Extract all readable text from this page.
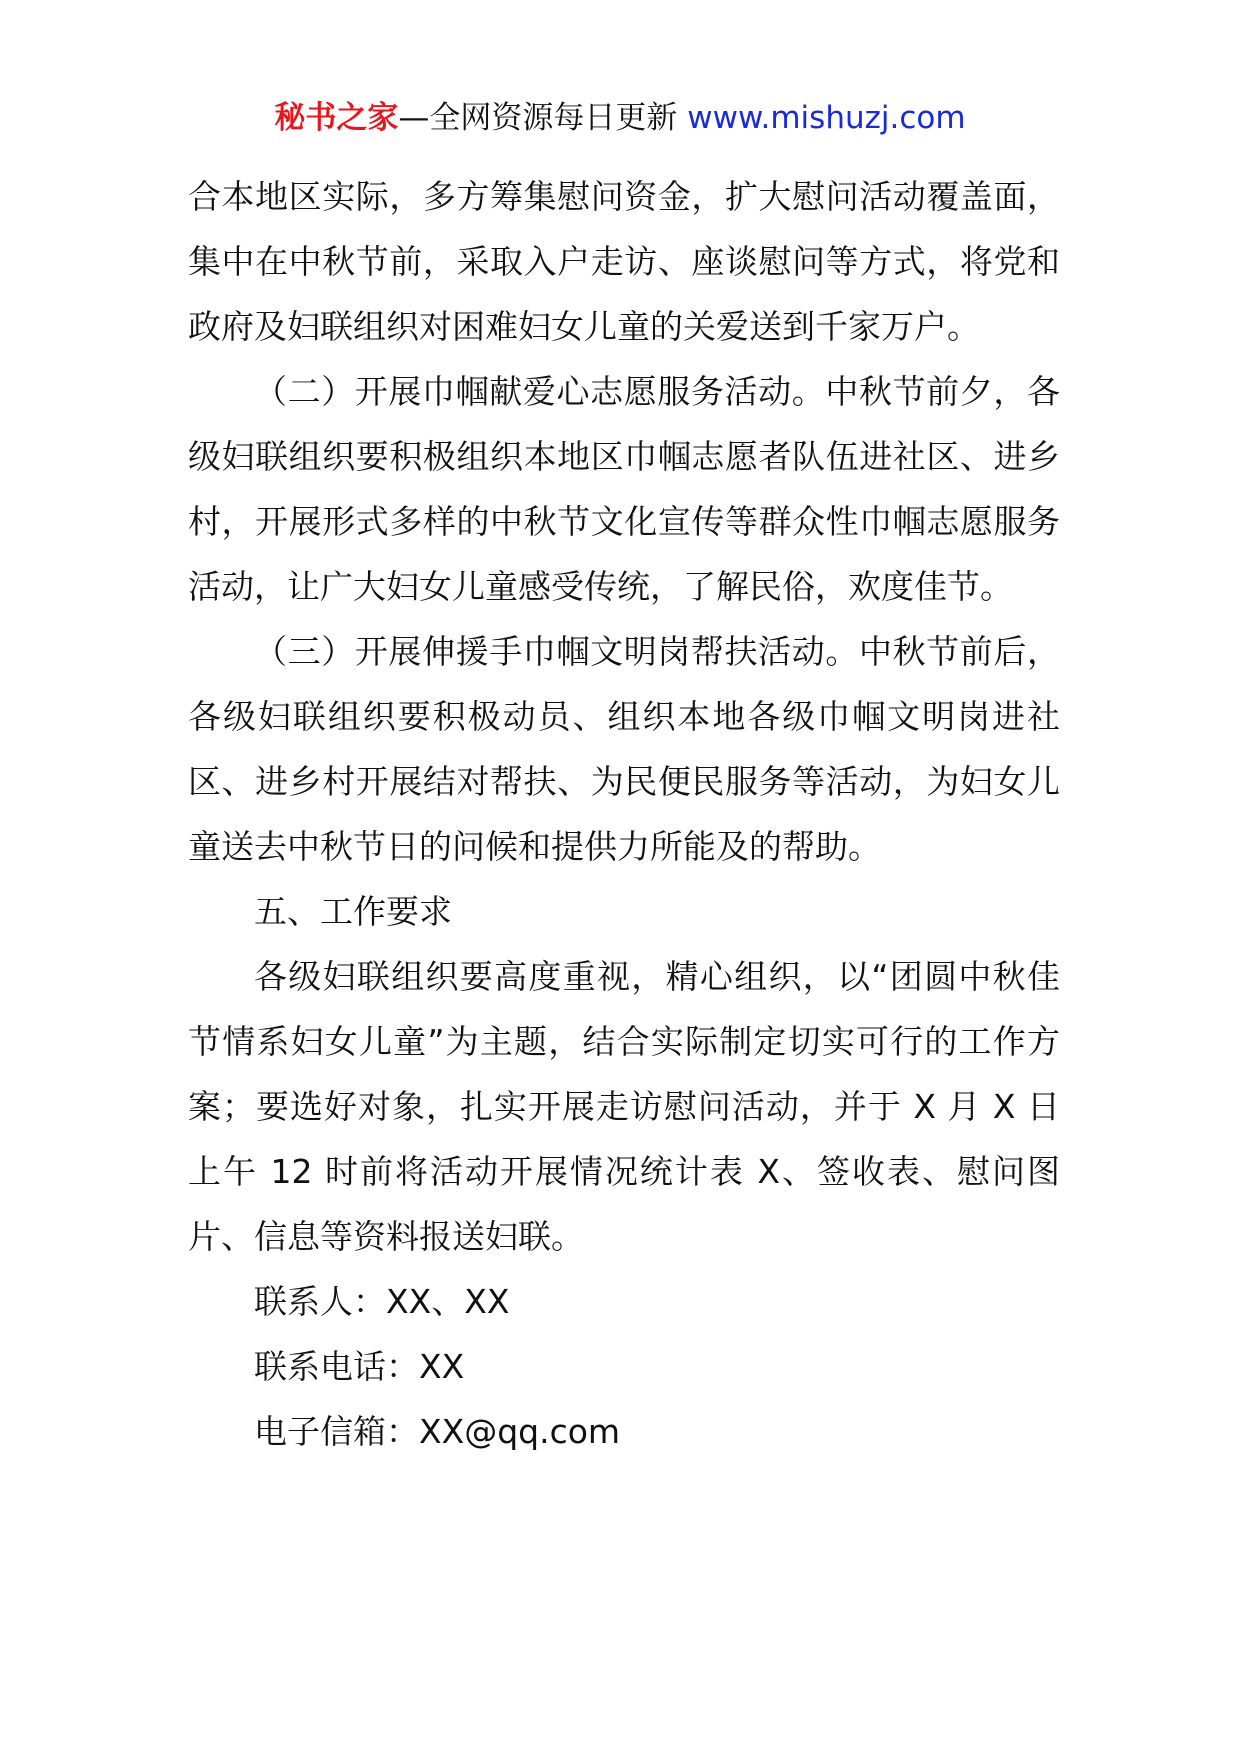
秘书之家—全网资源每日更新 www.mishuzj.com

合本地区实际，多方筹集慰问资金，扩大慰问活动覆盖面，集中在中秋节前，采取入户走访、座谈慰问等方式，将党和政府及妇联组织对困难妇女儿童的关爱送到千家万户。

（二）开展巾帼献爱心志愿服务活动。中秋节前夕，各级妇联组织要积极组织本地区巾帼志愿者队伍进社区、进乡村，开展形式多样的中秋节文化宣传等群众性巾帼志愿服务活动，让广大妇女儿童感受传统，了解民俗，欢度佳节。

（三）开展伸援手巾帼文明岗帮扶活动。中秋节前后，各级妇联组织要积极动员、组织本地各级巾帼文明岗进社区、进乡村开展结对帮扶、为民便民服务等活动，为妇女儿童送去中秋节日的问候和提供力所能及的帮助。

五、工作要求

各级妇联组织要高度重视，精心组织，以“团圆中秋佳节情系妇女儿童”为主题，结合实际制定切实可行的工作方案；要选好对象，扎实开展走访慰问活动，并于 X 月 X 日上午 12 时前将活动开展情况统计表 X、签收表、慰问图片、信息等资料报送妇联。

联系人：XX、XX

联系电话：XX

电子信箱：XX@qq.com
